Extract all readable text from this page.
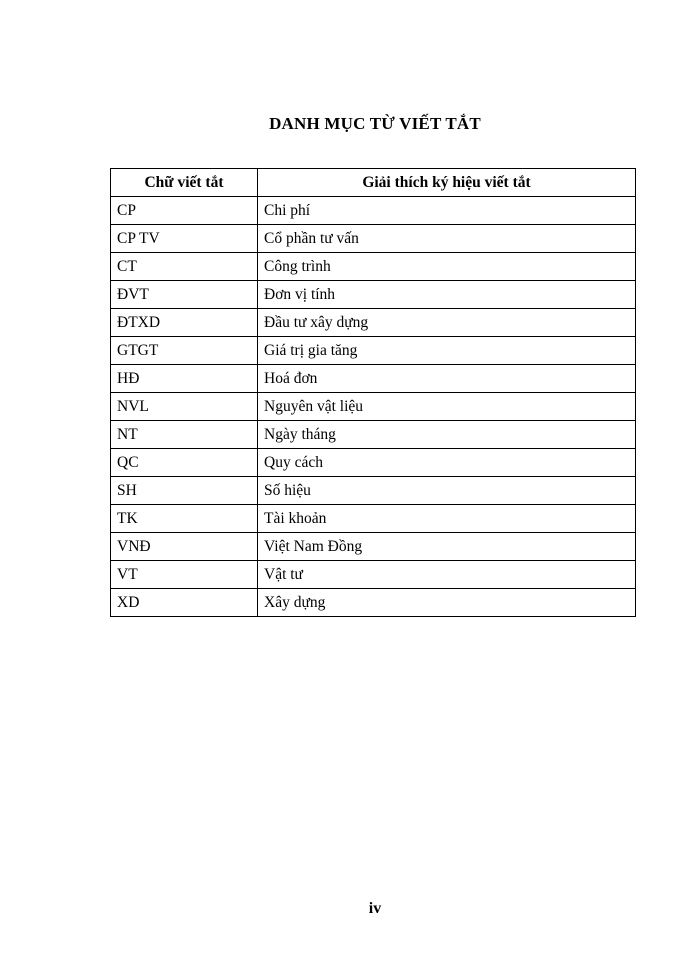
DANH MỤC TỪ VIẾT TẮT
Chữ viết tắt	Giải thích ký hiệu viết tắt
CP	Chi phí
CP TV	Cổ phần tư vấn
CT	Công trình
ĐVT	Đơn vị tính
ĐTXD	Đầu tư xây dựng
GTGT	Giá trị gia tăng
HĐ	Hoá đơn
NVL	Nguyên vật liệu
NT	Ngày tháng
QC	Quy cách
SH	Số hiệu
TK	Tài khoản
VNĐ	Việt Nam Đồng
VT	Vật tư
XD	Xây dựng
iv
